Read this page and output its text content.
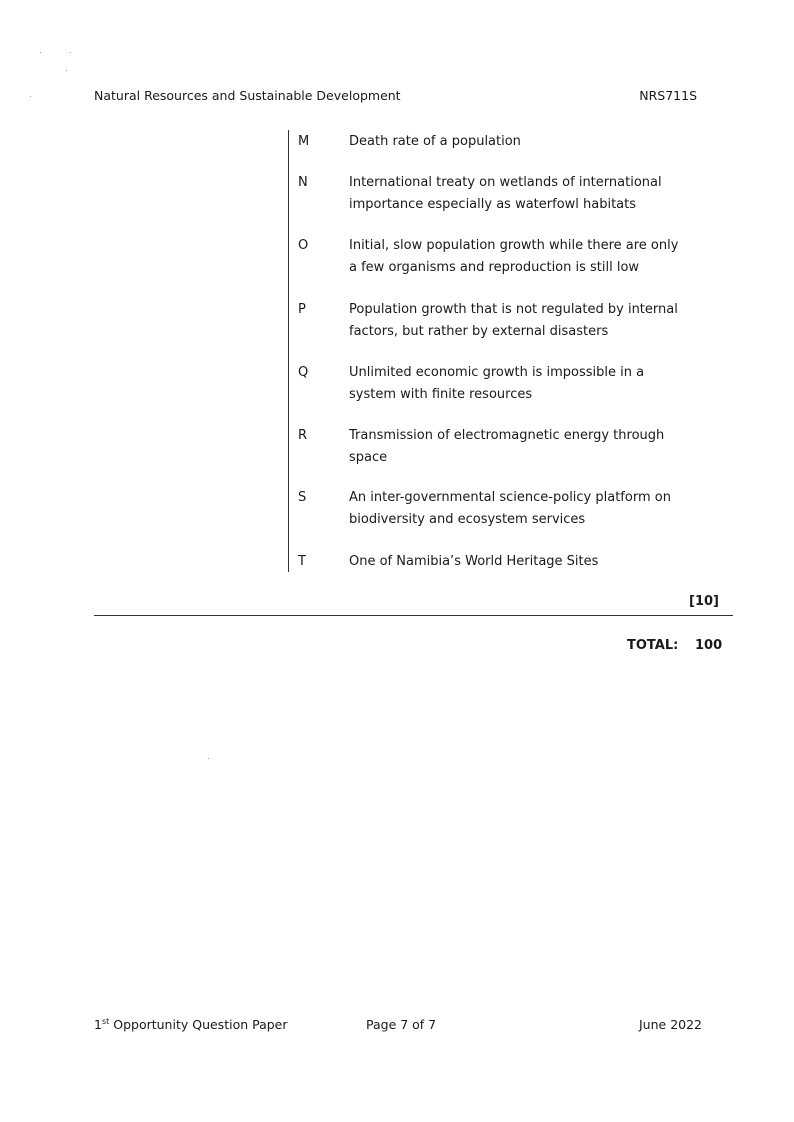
Natural Resources and Sustainable Development	NRS711S
M	Death rate of a population
N	International treaty on wetlands of international importance especially as waterfowl habitats
O	Initial, slow population growth while there are only a few organisms and reproduction is still low
P	Population growth that is not regulated by internal factors, but rather by external disasters
Q	Unlimited economic growth is impossible in a system with finite resources
R	Transmission of electromagnetic energy through space
S	An inter-governmental science-policy platform on biodiversity and ecosystem services
T	One of Namibia’s World Heritage Sites
[10]
TOTAL: 100
1st Opportunity Question Paper	Page 7 of 7	June 2022
